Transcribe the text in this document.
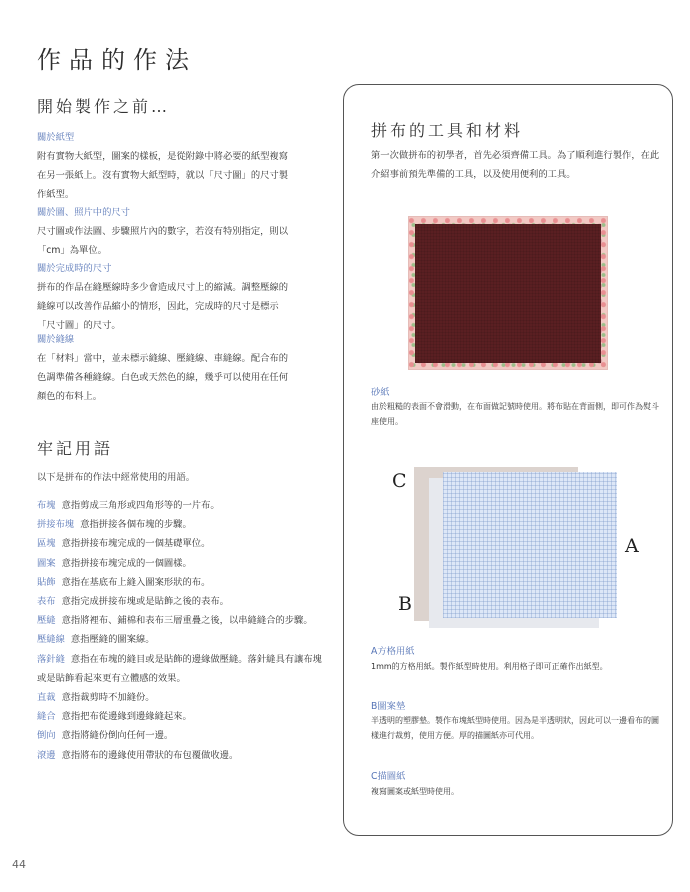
作品的作法
開始製作之前…

關於紙型

附有實物大紙型，圖案的樣板，是從附錄中將必要的紙型複寫

在另一張紙上。沒有實物大紙型時，就以「尺寸圖」的尺寸製

作紙型。

關於圖、照片中的尺寸

尺寸圖或作法圖、步驟照片內的數字，若沒有特別指定，則以

「cm」為單位。

關於完成時的尺寸

拼布的作品在縫壓線時多少會造成尺寸上的縮減。調整壓線的

縫線可以改善作品縮小的情形，因此，完成時的尺寸是標示

「尺寸圖」的尺寸。

關於縫線

在「材料」當中，並未標示縫線、壓縫線、車縫線。配合布的

色調準備各種縫線。白色或天然色的線，幾乎可以使用在任何

顏色的布料上。

牢記用語

以下是拼布的作法中經常使用的用語。

布塊 意指剪成三角形或四角形等的一片布。

拼接布塊 意指拼接各個布塊的步驟。

區塊 意指拼接布塊完成的一個基礎單位。

圖案 意指拼接布塊完成的一個圖樣。

貼飾 意指在基底布上縫入圖案形狀的布。

表布 意指完成拼接布塊或是貼飾之後的表布。

壓縫 意指將裡布、鋪棉和表布三層重疊之後，以串縫縫合的步驟。

壓縫線 意指壓縫的圖案線。

落針縫 意指在布塊的縫目或是貼飾的邊緣做壓縫。落針縫具有讓布塊或是貼飾看起來更有立體感的效果。

直裁 意指裁剪時不加縫份。

縫合 意指把布從邊緣到邊緣縫起來。

倒向 意指將縫份倒向任何一邊。

滾邊 意指將布的邊緣使用帶狀的布包覆做收邊。

拼布的工具和材料

第一次做拼布的初學者，首先必須齊備工具。為了順利進行製作，在此介紹事前預先準備的工具，以及使用便利的工具。

砂紙

由於粗糙的表面不會滑動，在布面做記號時使用。將布貼在背面側，即可作為熨斗座使用。

C

A

B

A方格用紙

1mm的方格用紙。製作紙型時使用。利用格子即可正確作出紙型。

B圖案墊

半透明的塑膠墊。製作布塊紙型時使用。因為是半透明狀，因此可以一邊看布的圖樣進行裁剪，使用方便。厚的描圖紙亦可代用。

C描圖紙

複寫圖案或紙型時使用。

44
